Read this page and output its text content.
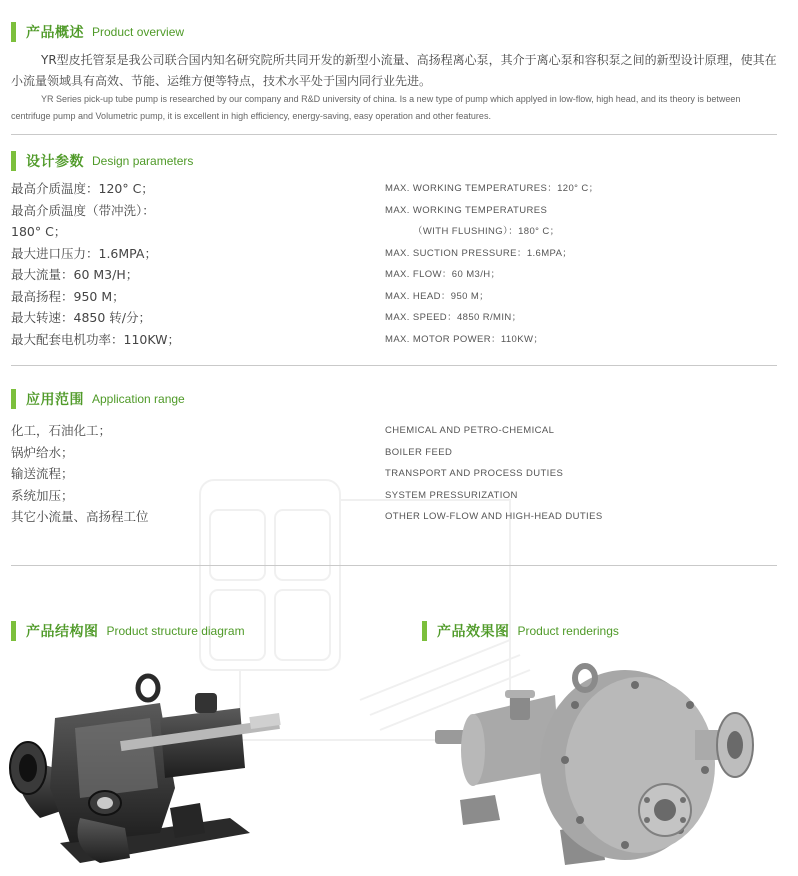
产品概述 Product overview
YR型皮托管泵是我公司联合国内知名研究院所共同开发的新型小流量、高扬程离心泵，其介于离心泵和容积泵之间的新型设计原理，使其在小流量领域具有高效、节能、运维方便等特点，技术水平处于国内同行业先进。
YR Series pick-up tube pump is researched by our company and R&D university of china. Is a new type of pump which applyed in low-flow, high head, and its theory is between centrifuge pump and Volumetric pump, it is excellent in high efficiency, energy-saving, easy operation and other features.
设计参数 Design parameters
最高介质温度：120° C；
最高介质温度（带冲洗）：
180° C；
最大进口压力：1.6MPA；
最大流量：60 M3/H；
最高扬程：950 M；
最大转速：4850 转/分；
最大配套电机功率：110KW；
MAX. WORKING TEMPERATURES：120° C；
MAX. WORKING TEMPERATURES
（WITH FLUSHING）：180° C；
MAX. SUCTION PRESSURE：1.6MPA；
MAX. FLOW：60 M3/H；
MAX. HEAD：950 M；
MAX. SPEED：4850 R/MIN；
MAX. MOTOR POWER：110KW；
应用范围 Application range
化工，石油化工；
锅炉给水；
输送流程；
系统加压；
其它小流量、高扬程工位
CHEMICAL AND PETRO-CHEMICAL
BOILER FEED
TRANSPORT AND PROCESS DUTIES
SYSTEM PRESSURIZATION
OTHER LOW-FLOW AND HIGH-HEAD DUTIES
产品结构图 Product structure diagram	产品效果图 Product renderings
